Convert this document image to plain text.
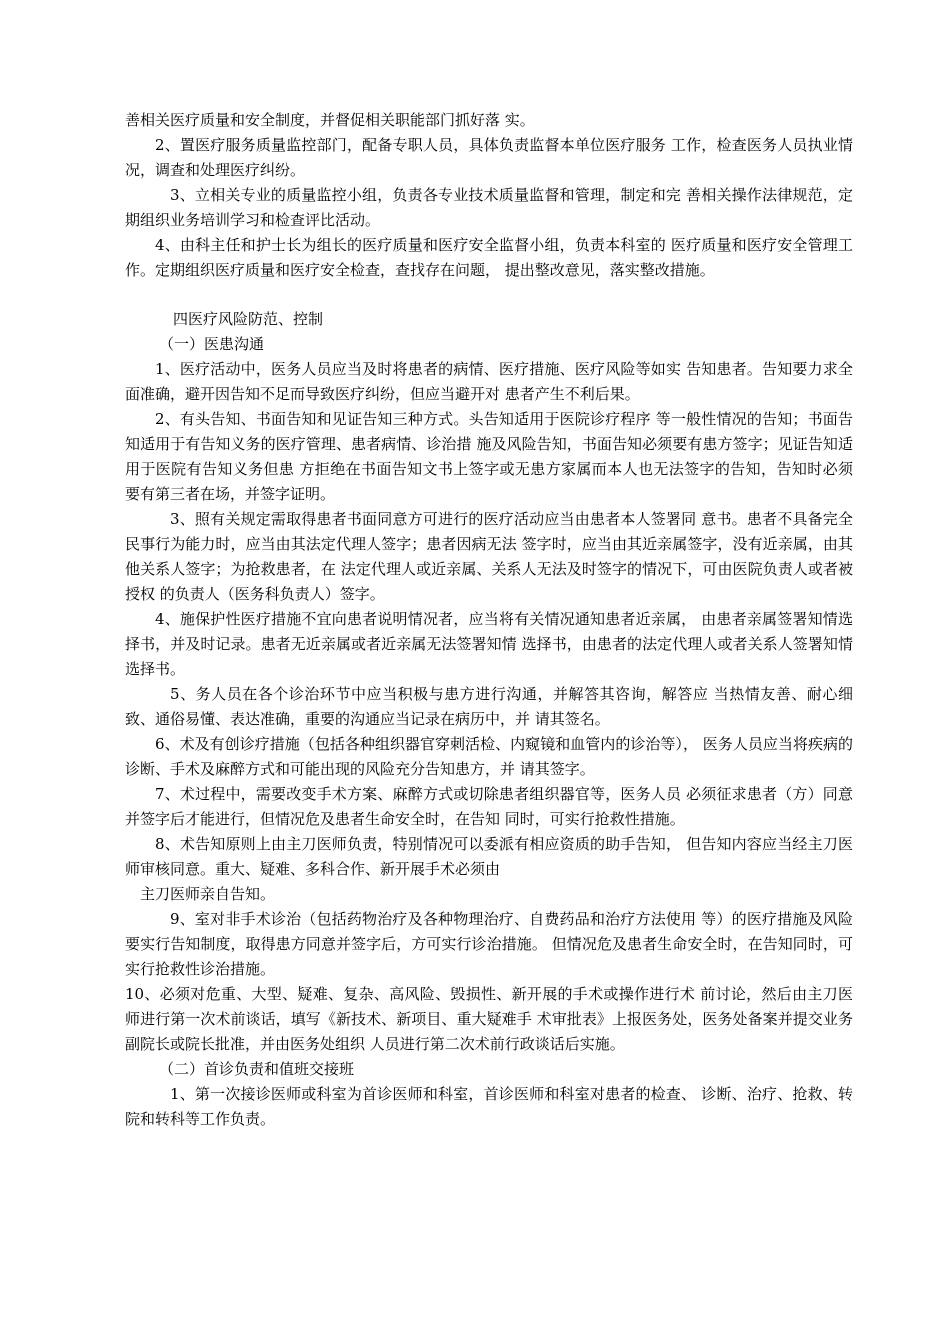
善相关医疗质量和安全制度，并督促相关职能部门抓好落 实。

2、置医疗服务质量监控部门，配备专职人员，具体负责监督本单位医疗服务 工作，检查医务人员执业情况，调查和处理医疗纠纷。

3、立相关专业的质量监控小组，负责各专业技术质量监督和管理，制定和完 善相关操作法律规范，定期组织业务培训学习和检查评比活动。

4、由科主任和护士长为组长的医疗质量和医疗安全监督小组，负责本科室的 医疗质量和医疗安全管理工作。定期组织医疗质量和医疗安全检查，查找存在问题， 提出整改意见，落实整改措施。

四医疗风险防范、控制

（一）医患沟通

1、医疗活动中，医务人员应当及时将患者的病情、医疗措施、医疗风险等如实 告知患者。告知要力求全面准确，避开因告知不足而导致医疗纠纷，但应当避开对 患者产生不利后果。

2、有头告知、书面告知和见证告知三种方式。头告知适用于医院诊疗程序 等一般性情况的告知；书面告知适用于有告知义务的医疗管理、患者病情、诊治措 施及风险告知，书面告知必须要有患方签字；见证告知适用于医院有告知义务但患 方拒绝在书面告知文书上签字或无患方家属而本人也无法签字的告知，告知时必须 要有第三者在场，并签字证明。

3、照有关规定需取得患者书面同意方可进行的医疗活动应当由患者本人签署同 意书。患者不具备完全民事行为能力时，应当由其法定代理人签字；患者因病无法 签字时，应当由其近亲属签字，没有近亲属，由其他关系人签字；为抢救患者，在 法定代理人或近亲属、关系人无法及时签字的情况下，可由医院负责人或者被授权 的负责人（医务科负责人）签字。

4、施保护性医疗措施不宜向患者说明情况者，应当将有关情况通知患者近亲属， 由患者亲属签署知情选择书，并及时记录。患者无近亲属或者近亲属无法签署知情 选择书，由患者的法定代理人或者关系人签署知情选择书。

5、务人员在各个诊治环节中应当积极与患方进行沟通，并解答其咨询，解答应 当热情友善、耐心细致、通俗易懂、表达准确，重要的沟通应当记录在病历中，并 请其签名。

6、术及有创诊疗措施（包括各种组织器官穿刺活检、内窥镜和血管内的诊治等）， 医务人员应当将疾病的诊断、手术及麻醉方式和可能出现的风险充分告知患方，并 请其签字。

7、术过程中，需要改变手术方案、麻醉方式或切除患者组织器官等，医务人员 必须征求患者（方）同意并签字后才能进行，但情况危及患者生命安全时，在告知 同时，可实行抢救性措施。

8、术告知原则上由主刀医师负责，特别情况可以委派有相应资质的助手告知， 但告知内容应当经主刀医师审核同意。重大、疑难、多科合作、新开展手术必须由

主刀医师亲自告知。

9、室对非手术诊治（包括药物治疗及各种物理治疗、自费药品和治疗方法使用 等）的医疗措施及风险要实行告知制度，取得患方同意并签字后，方可实行诊治措施。 但情况危及患者生命安全时，在告知同时，可实行抢救性诊治措施。

10、必须对危重、大型、疑难、复杂、高风险、毁损性、新开展的手术或操作进行术 前讨论，然后由主刀医师进行第一次术前谈话，填写《新技术、新项目、重大疑难手 术审批表》上报医务处，医务处备案并提交业务副院长或院长批准，并由医务处组织 人员进行第二次术前行政谈话后实施。

（二）首诊负责和值班交接班

1、第一次接诊医师或科室为首诊医师和科室，首诊医师和科室对患者的检查、 诊断、治疗、抢救、转院和转科等工作负责。
